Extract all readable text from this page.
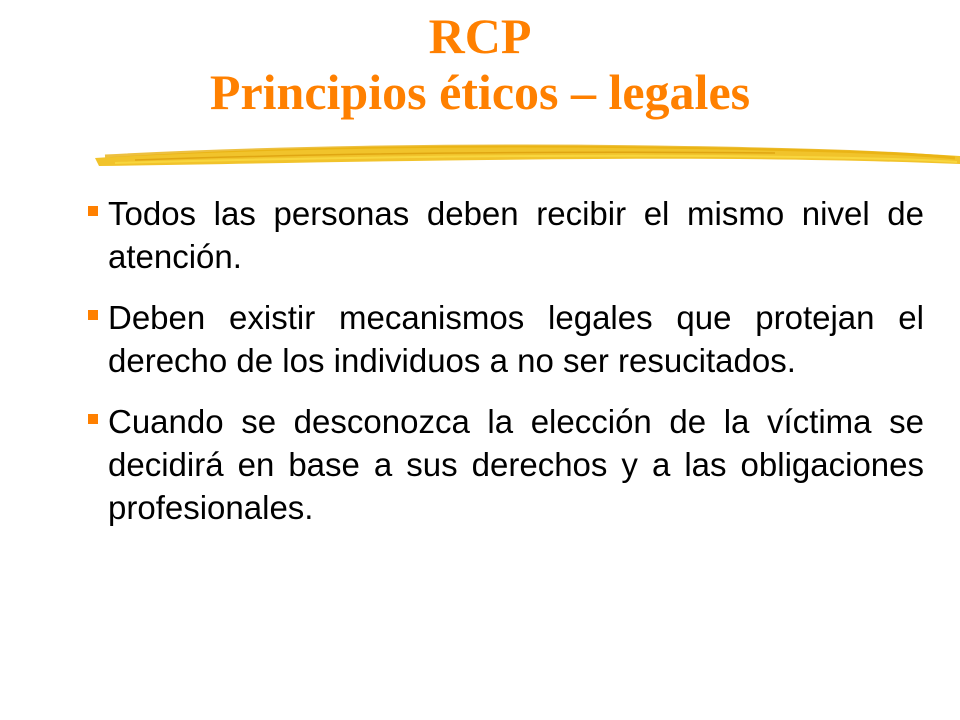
RCP
Principios éticos – legales
Todos las personas deben recibir el mismo nivel de atención.
Deben existir mecanismos legales que protejan el derecho de los individuos a no ser resucitados.
Cuando se desconozca la elección de la víctima se decidirá en base a sus derechos y a las obligaciones profesionales.
